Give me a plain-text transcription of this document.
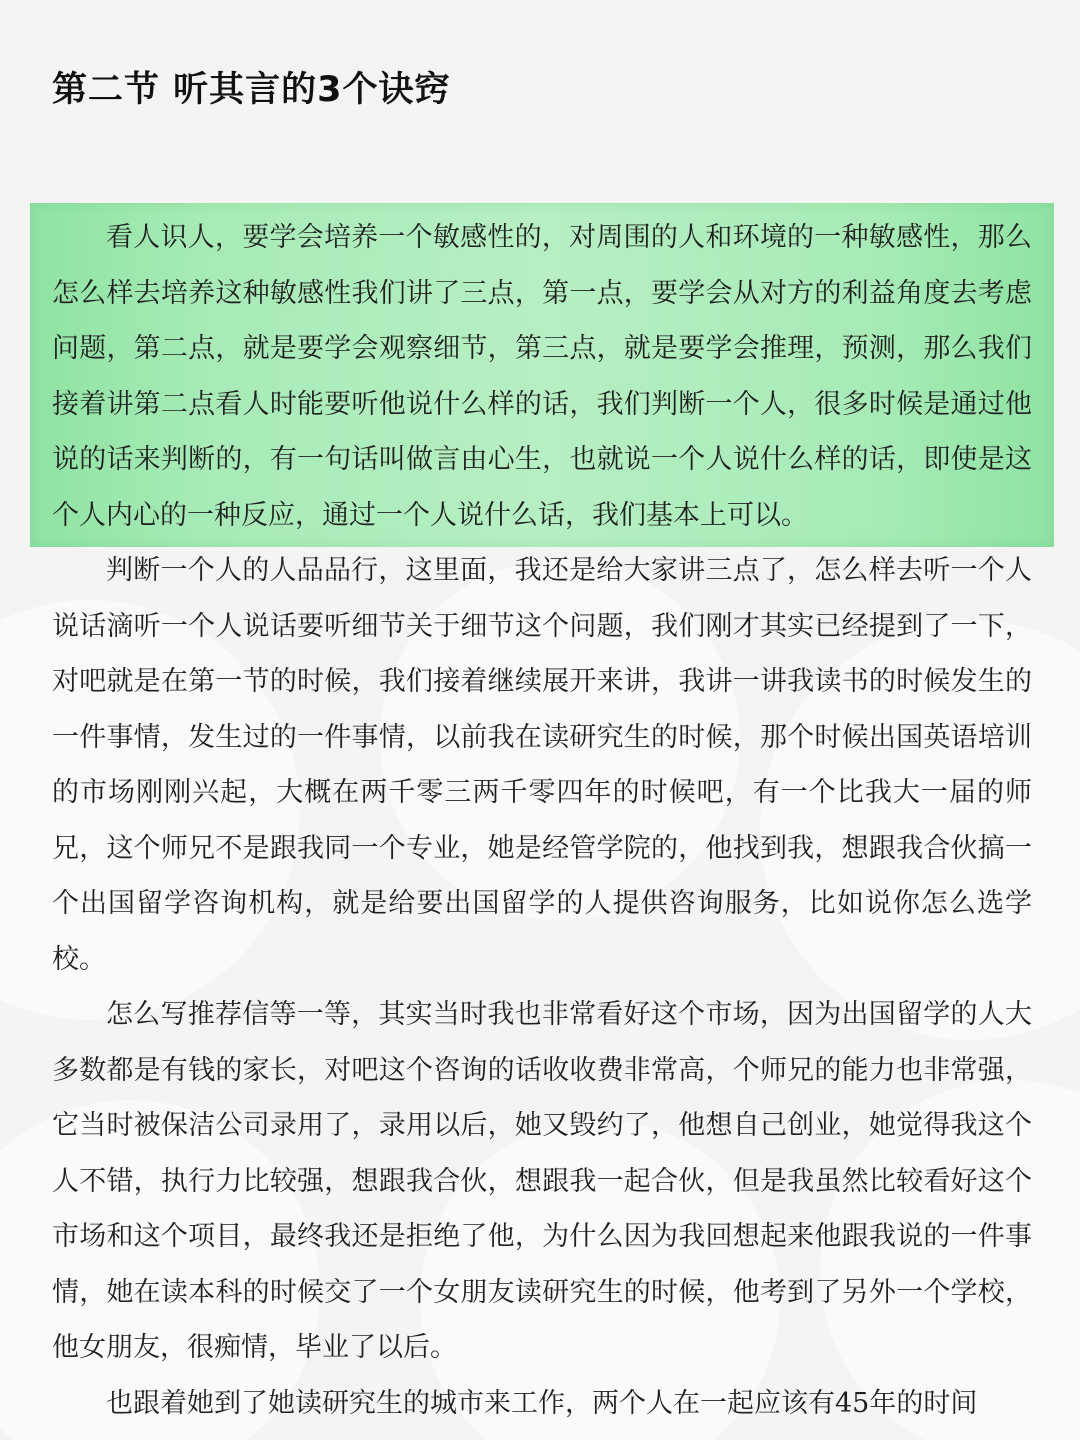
第二节 听其言的3个诀窍

看人识人，要学会培养一个敏感性的，对周围的人和环境的一种敏感性，那么怎么样去培养这种敏感性我们讲了三点，第一点，要学会从对方的利益角度去考虑问题，第二点，就是要学会观察细节，第三点，就是要学会推理，预测，那么我们接着讲第二点看人时能要听他说什么样的话，我们判断一个人，很多时候是通过他说的话来判断的，有一句话叫做言由心生，也就说一个人说什么样的话，即使是这个人内心的一种反应，通过一个人说什么话，我们基本上可以。

判断一个人的人品品行，这里面，我还是给大家讲三点了，怎么样去听一个人说话滴听一个人说话要听细节关于细节这个问题，我们刚才其实已经提到了一下，对吧就是在第一节的时候，我们接着继续展开来讲，我讲一讲我读书的时候发生的一件事情，发生过的一件事情，以前我在读研究生的时候，那个时候出国英语培训的市场刚刚兴起，大概在两千零三两千零四年的时候吧，有一个比我大一届的师兄，这个师兄不是跟我同一个专业，她是经管学院的，他找到我，想跟我合伙搞一个出国留学咨询机构，就是给要出国留学的人提供咨询服务，比如说你怎么选学校。

怎么写推荐信等一等，其实当时我也非常看好这个市场，因为出国留学的人大多数都是有钱的家长，对吧这个咨询的话收收费非常高，个师兄的能力也非常强，它当时被保洁公司录用了，录用以后，她又毁约了，他想自己创业，她觉得我这个人不错，执行力比较强，想跟我合伙，想跟我一起合伙，但是我虽然比较看好这个市场和这个项目，最终我还是拒绝了他，为什么因为我回想起来他跟我说的一件事情，她在读本科的时候交了一个女朋友读研究生的时候，他考到了另外一个学校，他女朋友，很痴情，毕业了以后。

也跟着她到了她读研究生的城市来工作，两个人在一起应该有45年的时间
